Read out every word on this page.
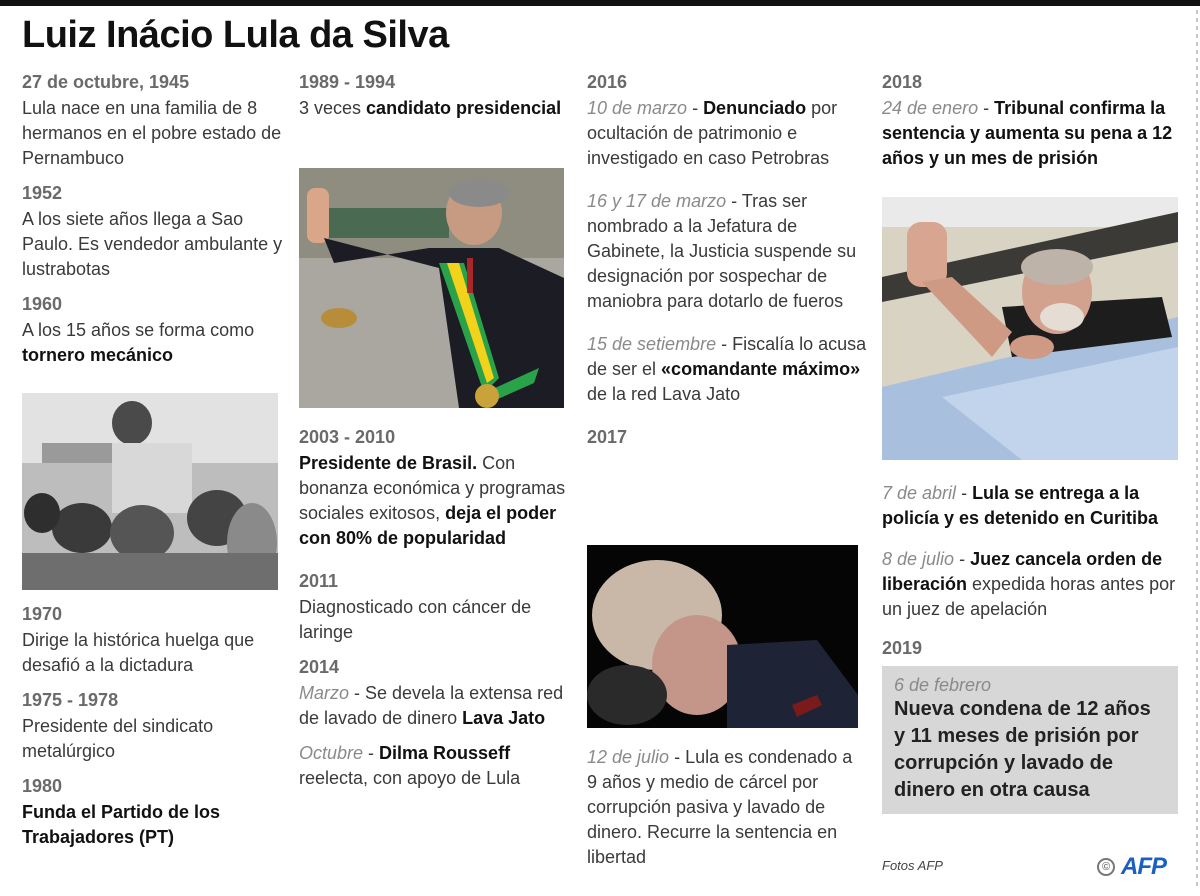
Luiz Inácio Lula da Silva
27 de octubre, 1945
Lula nace en una familia de 8 hermanos en el pobre estado de Pernambuco
1952
A los siete años llega a Sao Paulo. Es vendedor ambulante y lustrabotas
1960
A los 15 años se forma como tornero mecánico
1970
Dirige la histórica huelga que desafió a la dictadura
1975 - 1978
Presidente del sindicato metalúrgico
1980
Funda el Partido de los Trabajadores (PT)
1989 - 1994
3 veces candidato presidencial
2003 - 2010
Presidente de Brasil. Con bonanza económica y programas sociales exitosos, deja el poder con 80% de popularidad
2011
Diagnosticado con cáncer de laringe
2014
Marzo - Se devela la extensa red de lavado de dinero Lava Jato
Octubre - Dilma Rousseff reelecta, con apoyo de Lula
2016
10 de marzo - Denunciado por ocultación de patrimonio e investigado en caso Petrobras
16 y 17 de marzo - Tras ser nombrado a la Jefatura de Gabinete, la Justicia suspende su designación por sospechar de maniobra para dotarlo de fueros
15 de setiembre - Fiscalía lo acusa de ser el «comandante máximo» de la red Lava Jato
2017
12 de julio - Lula es condenado a 9 años y medio de cárcel por corrupción pasiva y lavado de dinero. Recurre la sentencia en libertad
2018
24 de enero - Tribunal confirma la sentencia y aumenta su pena a 12 años y un mes de prisión
7 de abril - Lula se entrega a la policía y es detenido en Curitiba
8 de julio - Juez cancela orden de liberación expedida horas antes por un juez de apelación
2019
6 de febrero
Nueva condena de 12 años y 11 meses de prisión por corrupción y lavado de dinero en otra causa
Fotos AFP	© AFP
